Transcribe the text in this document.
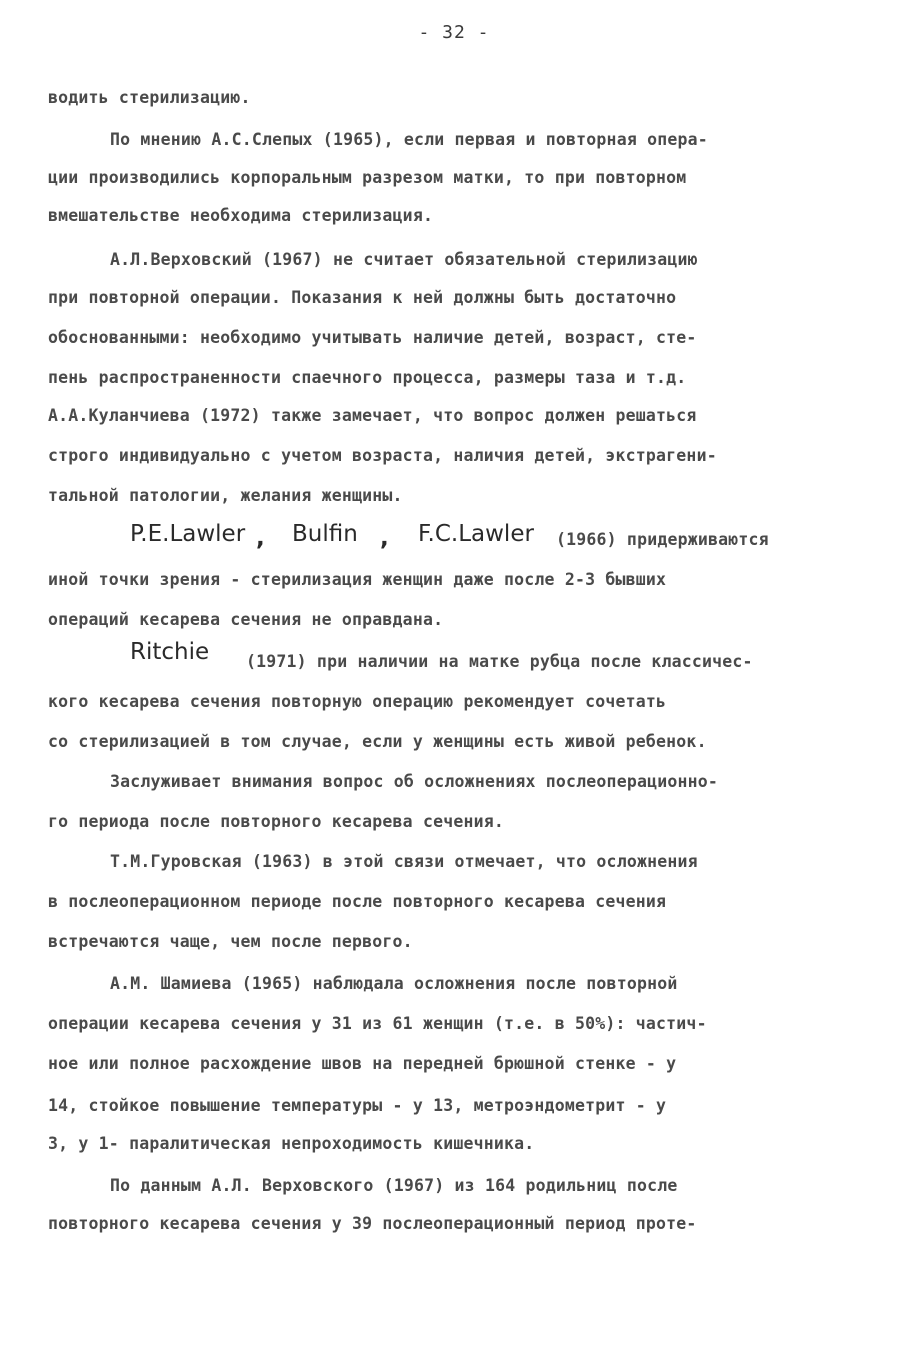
- 32 -
водить стерилизацию.
По мнению А.С.Слепых (1965), если первая и повторная опера-
ции производились корпоральным разрезом матки, то при повторном
вмешательстве необходима стерилизация.
А.Л.Верховский (1967) не считает обязательной стерилизацию
при повторной операции. Показания к ней должны быть достаточно
обоснованными: необходимо учитывать наличие детей, возраст, сте-
пень распространенности спаечного процесса, размеры таза и т.д.
А.А.Куланчиева (1972) также замечает, что вопрос должен решаться
строго индивидуально с учетом возраста, наличия детей, экстрагени-
тальной патологии, желания женщины.
P.E.Lawler , Bulfin , F.C.Lawler (1966) придерживаются
иной точки зрения - стерилизация женщин даже после 2-3 бывших
операций кесарева сечения не оправдана.
Ritchie (1971) при наличии на матке рубца после классичес-
кого кесарева сечения повторную операцию рекомендует сочетать
со стерилизацией в том случае, если у женщины есть живой ребенок.
Заслуживает внимания вопрос об осложнениях послеоперационно-
го периода после повторного кесарева сечения.
Т.М.Гуровская (1963) в этой связи отмечает, что осложнения
в послеоперационном периоде после повторного кесарева сечения
встречаются чаще, чем после первого.
А.М. Шамиева (1965) наблюдала осложнения после повторной
операции кесарева сечения у 31 из 61 женщин (т.е. в 50%): частич-
ное или полное расхождение швов на передней брюшной стенке - у
14, стойкое повышение температуры - у 13, метроэндометрит - у
3, у 1- паралитическая непроходимость кишечника.
По данным А.Л. Верховского (1967) из 164 родильниц после
повторного кесарева сечения у 39 послеоперационный период проте-
